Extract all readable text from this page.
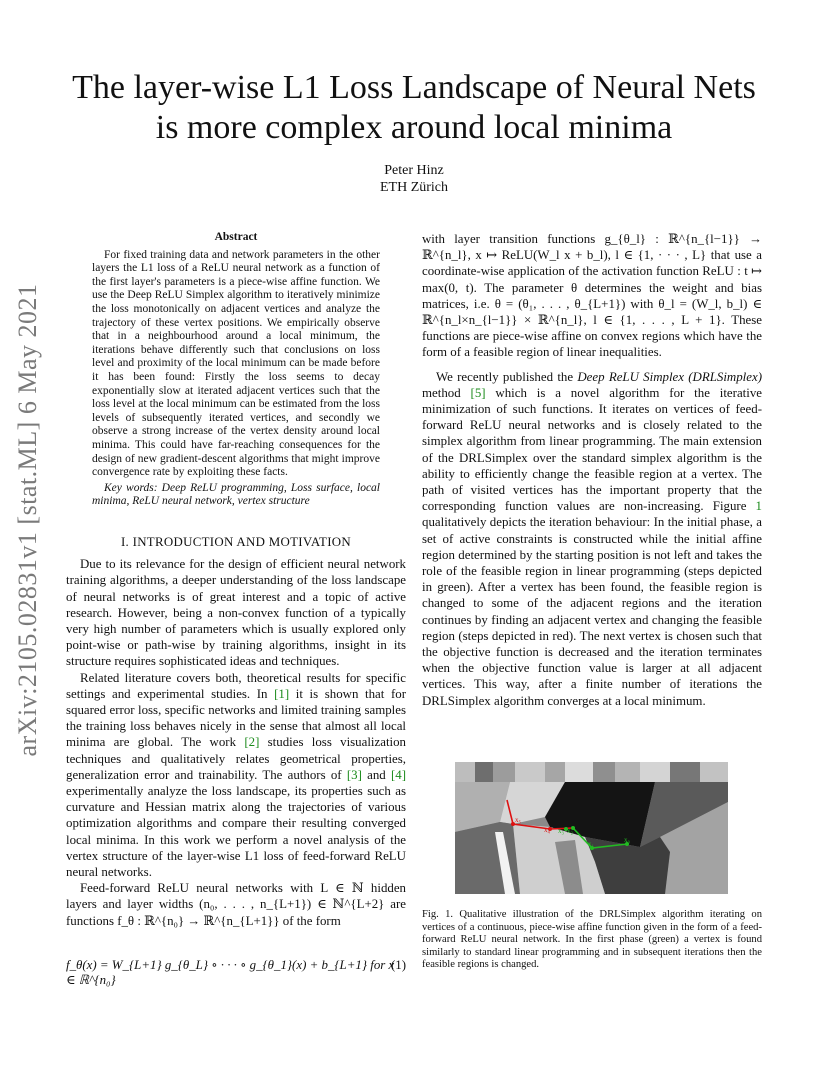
arXiv:2105.02831v1 [stat.ML] 6 May 2021
The layer-wise L1 Loss Landscape of Neural Nets
is more complex around local minima
Peter Hinz
ETH Zürich
Abstract

For fixed training data and network parameters in the other layers the L1 loss of a ReLU neural network as a function of the first layer's parameters is a piece-wise affine function. We use the Deep ReLU Simplex algorithm to iteratively minimize the loss monotonically on adjacent vertices and analyze the trajectory of these vertex positions. We empirically observe that in a neighbourhood around a local minimum, the iterations behave differently such that conclusions on loss level and proximity of the local minimum can be made before it has been found: Firstly the loss seems to decay exponentially slow at iterated adjacent vertices such that the loss level at the local minimum can be estimated from the loss levels of subsequently iterated vertices, and secondly we observe a strong increase of the vertex density around local minima. This could have far-reaching consequences for the design of new gradient-descent algorithms that might improve convergence rate by exploiting these facts.

Key words: Deep ReLU programming, Loss surface, local minima, ReLU neural network, vertex structure

I. INTRODUCTION AND MOTIVATION

Due to its relevance for the design of efficient neural network training algorithms, a deeper understanding of the loss landscape of neural networks is of great interest and a topic of active research. However, being a non-convex function of a typically very high number of parameters which is usually explored only point-wise or path-wise by training algorithms, insight in its structure requires sophisticated ideas and techniques.

Related literature covers both, theoretical results for specific settings and experimental studies. In [1] it is shown that for squared error loss, specific networks and limited training samples the training loss behaves nicely in the sense that almost all local minima are global. The work [2] studies loss visualization techniques and qualitatively relates geometrical properties, generalization error and trainability. The authors of [3] and [4] experimentally analyze the loss landscape, its properties such as curvature and Hessian matrix along the trajectories of various optimization algorithms and compare their resulting converged local minima. In this work we perform a novel analysis of the vertex structure of the layer-wise L1 loss of feed-forward ReLU neural networks.

Feed-forward ReLU neural networks with L ∈ ℕ hidden layers and layer widths (n₀, . . . , n_{L+1}) ∈ ℕ^{L+2} are functions f_θ : ℝ^{n₀} → ℝ^{n_{L+1}} of the form

f_θ(x) = W_{L+1} g_{θ_L} ∘ · · · ∘ g_{θ_1}(x) + b_{L+1} for x ∈ ℝ^{n₀}
(1)

with layer transition functions g_{θ_l} : ℝ^{n_{l−1}} → ℝ^{n_l}, x ↦ ReLU(W_l x + b_l), l ∈ {1, · · · , L} that use a coordinate-wise application of the activation function ReLU : t ↦ max(0, t). The parameter θ determines the weight and bias matrices, i.e. θ = (θ₁, . . . , θ_{L+1}) with θ_l = (W_l, b_l) ∈ ℝ^{n_l×n_{l−1}} × ℝ^{n_l}, l ∈ {1, . . . , L + 1}. These functions are piece-wise affine on convex regions which have the form of a feasible region of linear inequalities.

We recently published the Deep ReLU Simplex (DRLSimplex) method [5] which is a novel algorithm for the iterative minimization of such functions. It iterates on vertices of feed-forward ReLU neural networks and is closely related to the simplex algorithm from linear programming. The main extension of the DRLSimplex over the standard simplex algorithm is the ability to efficiently change the feasible region at a vertex. The path of visited vertices has the important property that the corresponding function values are non-increasing. Figure 1 qualitatively depicts the iteration behaviour: In the initial phase, a set of active constraints is constructed while the initial affine region determined by the starting position is not left and takes the role of the feasible region in linear programming (steps depicted in green). After a vertex has been found, the feasible region is changed to some of the adjacent regions and the iteration continues by finding an adjacent vertex and changing the feasible region (steps depicted in red). The next vertex is chosen such that the objective function is decreased and the iteration terminates when the objective function value is larger at all adjacent vertices. This way, after a finite number of iterations the DRLSimplex algorithm converges at a local minimum.

x₀
x₁
x₂
x₃
x₄
x₅
Fig. 1. Qualitative illustration of the DRLSimplex algorithm iterating on vertices of a continuous, piece-wise affine function given in the form of a feed-forward ReLU neural network. In the first phase (green) a vertex is found similarly to standard linear programming and in subsequent iterations then the feasible regions is changed.
